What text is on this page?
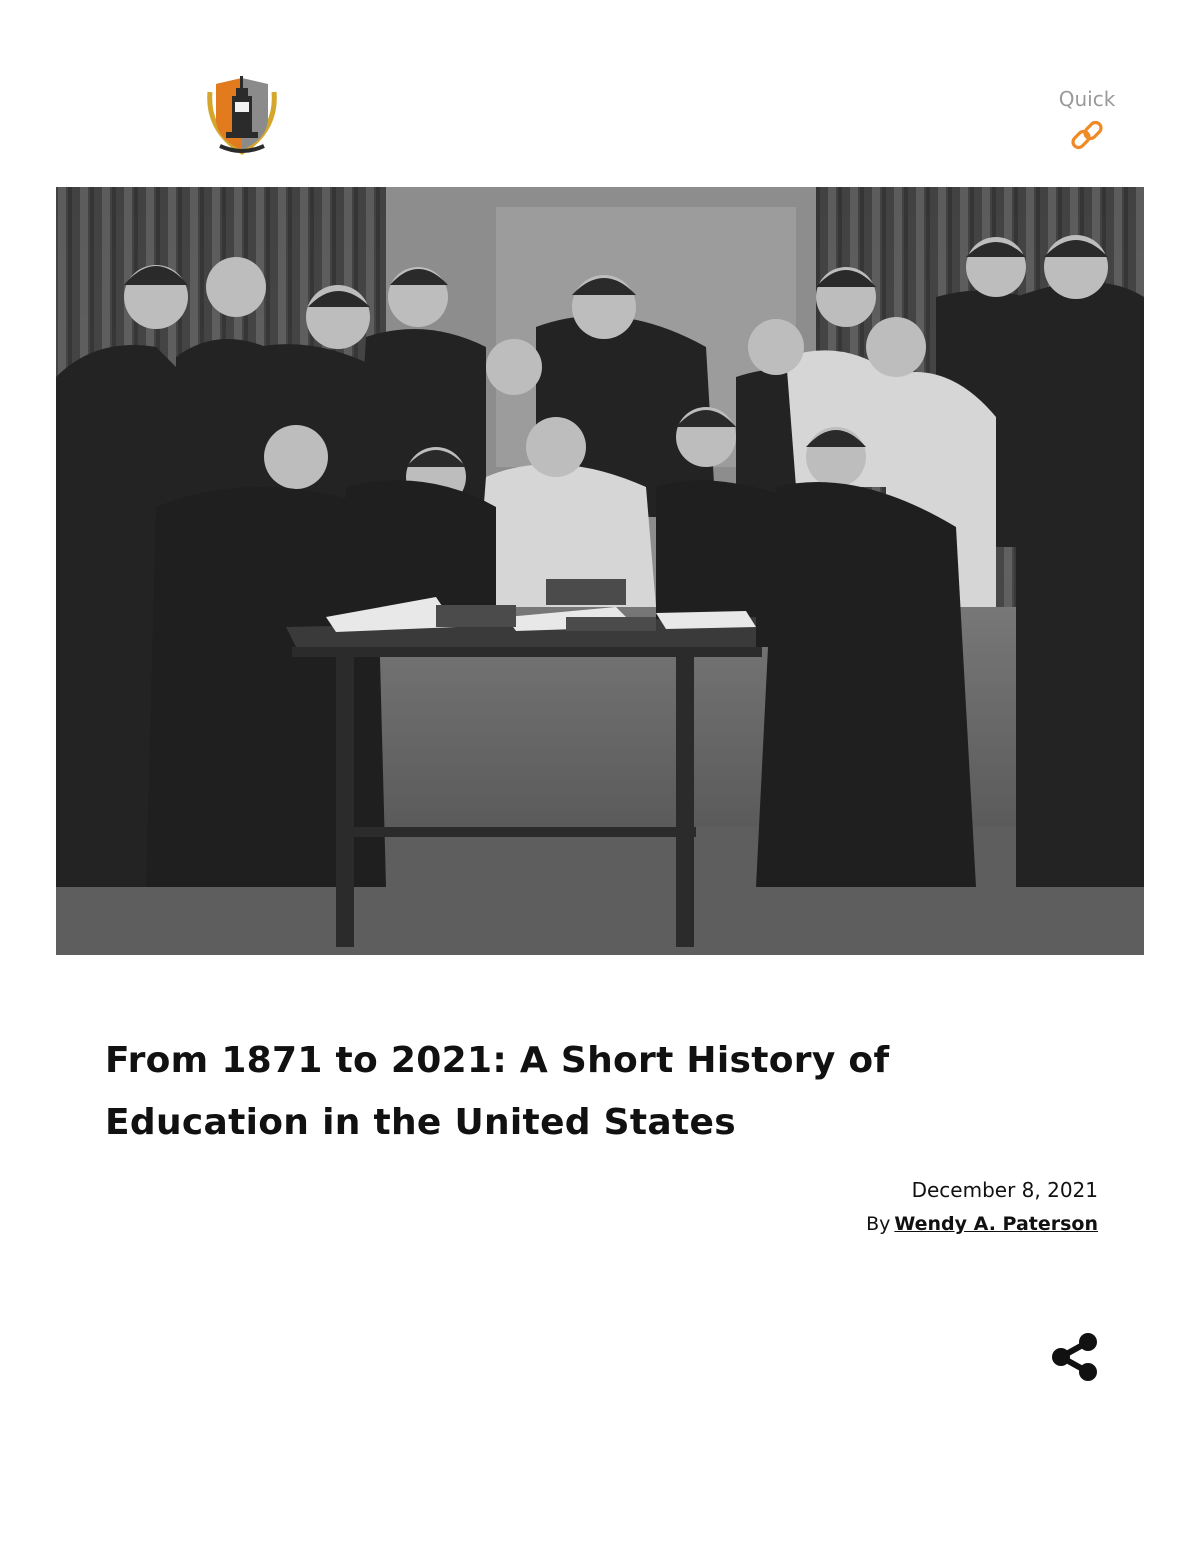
Quick
From 1871 to 2021: A Short History of Education in the United States
December 8, 2021
By Wendy A. Paterson
